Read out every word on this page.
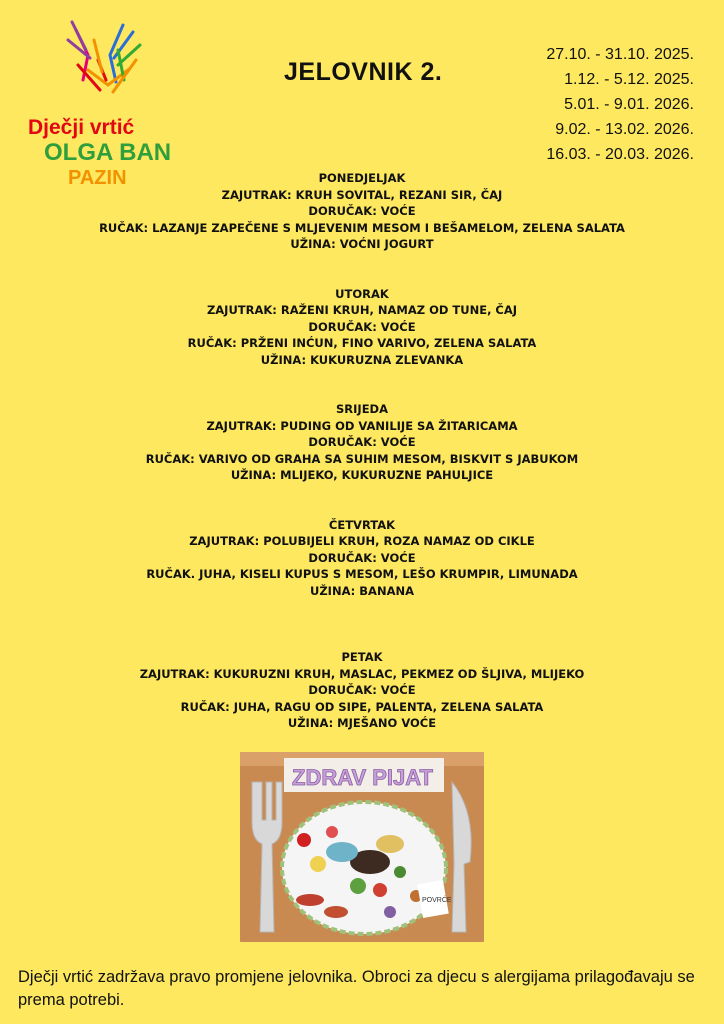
Dječji vrtić
OLGA BAN
PAZIN
JELOVNIK 2.
27.10. - 31.10. 2025.
1.12. - 5.12. 2025.
5.01. - 9.01. 2026.
9.02. - 13.02. 2026.
16.03. - 20.03. 2026.
PONEDJELJAK
ZAJUTRAK: KRUH SOVITAL, REZANI SIR, ČAJ
DORUČAK: VOĆE
RUČAK: LAZANJE ZAPEČENE S MLJEVENIM MESOM I BEŠAMELOM, ZELENA SALATA
UŽINA: VOĆNI JOGURT
UTORAK
ZAJUTRAK: RAŽENI KRUH, NAMAZ OD TUNE, ČAJ
DORUČAK: VOĆE
RUČAK: PRŽENI INĆUN, FINO VARIVO, ZELENA SALATA
UŽINA: KUKURUZNA ZLEVANKA
SRIJEDA
ZAJUTRAK: PUDING OD VANILIJE SA ŽITARICAMA
DORUČAK: VOĆE
RUČAK: VARIVO OD GRAHA SA SUHIM MESOM, BISKVIT S JABUKOM
UŽINA: MLIJEKO, KUKURUZNE PAHULJICE
ČETVRTAK
ZAJUTRAK: POLUBIJELI KRUH, ROZA NAMAZ OD CIKLE
DORUČAK: VOĆE
RUČAK. JUHA, KISELI KUPUS S MESOM, LEŠO KRUMPIR, LIMUNADA
UŽINA: BANANA
PETAK
ZAJUTRAK: KUKURUZNI KRUH, MASLAC, PEKMEZ OD ŠLJIVA, MLIJEKO
DORUČAK: VOĆE
RUČAK: JUHA, RAGU OD SIPE, PALENTA, ZELENA SALATA
UŽINA: MJEŠANO VOĆE
ZDRAV PIJAT
POVRĆE
Dječji vrtić zadržava pravo promjene jelovnika. Obroci za djecu s alergijama prilagođavaju se prema potrebi.
